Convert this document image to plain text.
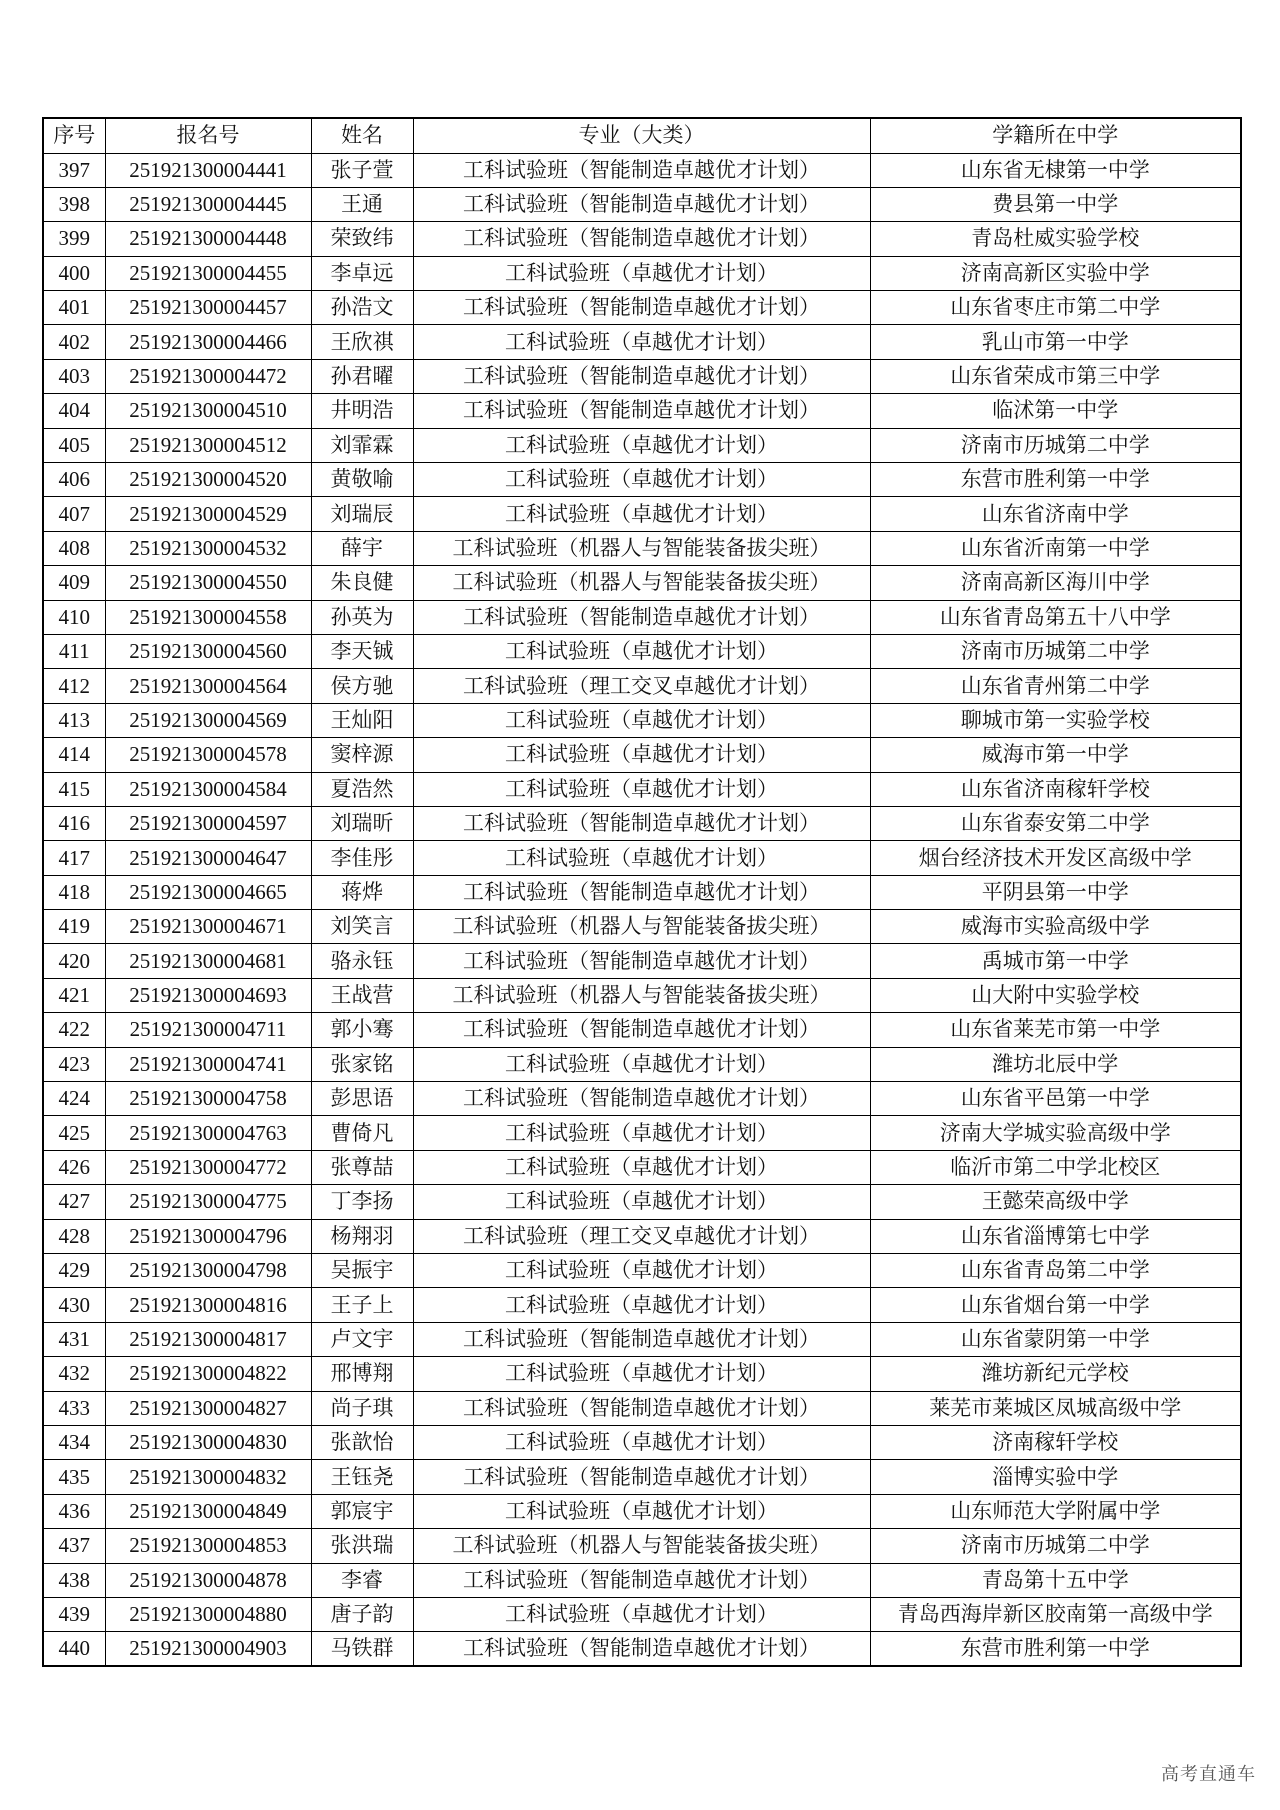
序号	报名号	姓名	专业（大类）	学籍所在中学
397	251921300004441	张子萱	工科试验班（智能制造卓越优才计划）	山东省无棣第一中学
398	251921300004445	王通	工科试验班（智能制造卓越优才计划）	费县第一中学
399	251921300004448	荣致纬	工科试验班（智能制造卓越优才计划）	青岛杜威实验学校
400	251921300004455	李卓远	工科试验班（卓越优才计划）	济南高新区实验中学
401	251921300004457	孙浩文	工科试验班（智能制造卓越优才计划）	山东省枣庄市第二中学
402	251921300004466	王欣祺	工科试验班（卓越优才计划）	乳山市第一中学
403	251921300004472	孙君曜	工科试验班（智能制造卓越优才计划）	山东省荣成市第三中学
404	251921300004510	井明浩	工科试验班（智能制造卓越优才计划）	临沭第一中学
405	251921300004512	刘霏霖	工科试验班（卓越优才计划）	济南市历城第二中学
406	251921300004520	黄敬喻	工科试验班（卓越优才计划）	东营市胜利第一中学
407	251921300004529	刘瑞辰	工科试验班（卓越优才计划）	山东省济南中学
408	251921300004532	薛宇	工科试验班（机器人与智能装备拔尖班）	山东省沂南第一中学
409	251921300004550	朱良健	工科试验班（机器人与智能装备拔尖班）	济南高新区海川中学
410	251921300004558	孙英为	工科试验班（智能制造卓越优才计划）	山东省青岛第五十八中学
411	251921300004560	李天铖	工科试验班（卓越优才计划）	济南市历城第二中学
412	251921300004564	侯方驰	工科试验班（理工交叉卓越优才计划）	山东省青州第二中学
413	251921300004569	王灿阳	工科试验班（卓越优才计划）	聊城市第一实验学校
414	251921300004578	窦梓源	工科试验班（卓越优才计划）	威海市第一中学
415	251921300004584	夏浩然	工科试验班（卓越优才计划）	山东省济南稼轩学校
416	251921300004597	刘瑞昕	工科试验班（智能制造卓越优才计划）	山东省泰安第二中学
417	251921300004647	李佳彤	工科试验班（卓越优才计划）	烟台经济技术开发区高级中学
418	251921300004665	蒋烨	工科试验班（智能制造卓越优才计划）	平阴县第一中学
419	251921300004671	刘笑言	工科试验班（机器人与智能装备拔尖班）	威海市实验高级中学
420	251921300004681	骆永钰	工科试验班（智能制造卓越优才计划）	禹城市第一中学
421	251921300004693	王战营	工科试验班（机器人与智能装备拔尖班）	山大附中实验学校
422	251921300004711	郭小骞	工科试验班（智能制造卓越优才计划）	山东省莱芜市第一中学
423	251921300004741	张家铭	工科试验班（卓越优才计划）	潍坊北辰中学
424	251921300004758	彭思语	工科试验班（智能制造卓越优才计划）	山东省平邑第一中学
425	251921300004763	曹倚凡	工科试验班（卓越优才计划）	济南大学城实验高级中学
426	251921300004772	张尊喆	工科试验班（卓越优才计划）	临沂市第二中学北校区
427	251921300004775	丁李扬	工科试验班（卓越优才计划）	王懿荣高级中学
428	251921300004796	杨翔羽	工科试验班（理工交叉卓越优才计划）	山东省淄博第七中学
429	251921300004798	吴振宇	工科试验班（卓越优才计划）	山东省青岛第二中学
430	251921300004816	王子上	工科试验班（卓越优才计划）	山东省烟台第一中学
431	251921300004817	卢文宇	工科试验班（智能制造卓越优才计划）	山东省蒙阴第一中学
432	251921300004822	邢博翔	工科试验班（卓越优才计划）	潍坊新纪元学校
433	251921300004827	尚子琪	工科试验班（智能制造卓越优才计划）	莱芜市莱城区凤城高级中学
434	251921300004830	张歆怡	工科试验班（卓越优才计划）	济南稼轩学校
435	251921300004832	王钰尧	工科试验班（智能制造卓越优才计划）	淄博实验中学
436	251921300004849	郭宸宇	工科试验班（卓越优才计划）	山东师范大学附属中学
437	251921300004853	张洪瑞	工科试验班（机器人与智能装备拔尖班）	济南市历城第二中学
438	251921300004878	李睿	工科试验班（智能制造卓越优才计划）	青岛第十五中学
439	251921300004880	唐子韵	工科试验班（卓越优才计划）	青岛西海岸新区胶南第一高级中学
440	251921300004903	马铁群	工科试验班（智能制造卓越优才计划）	东营市胜利第一中学
高考直通车
